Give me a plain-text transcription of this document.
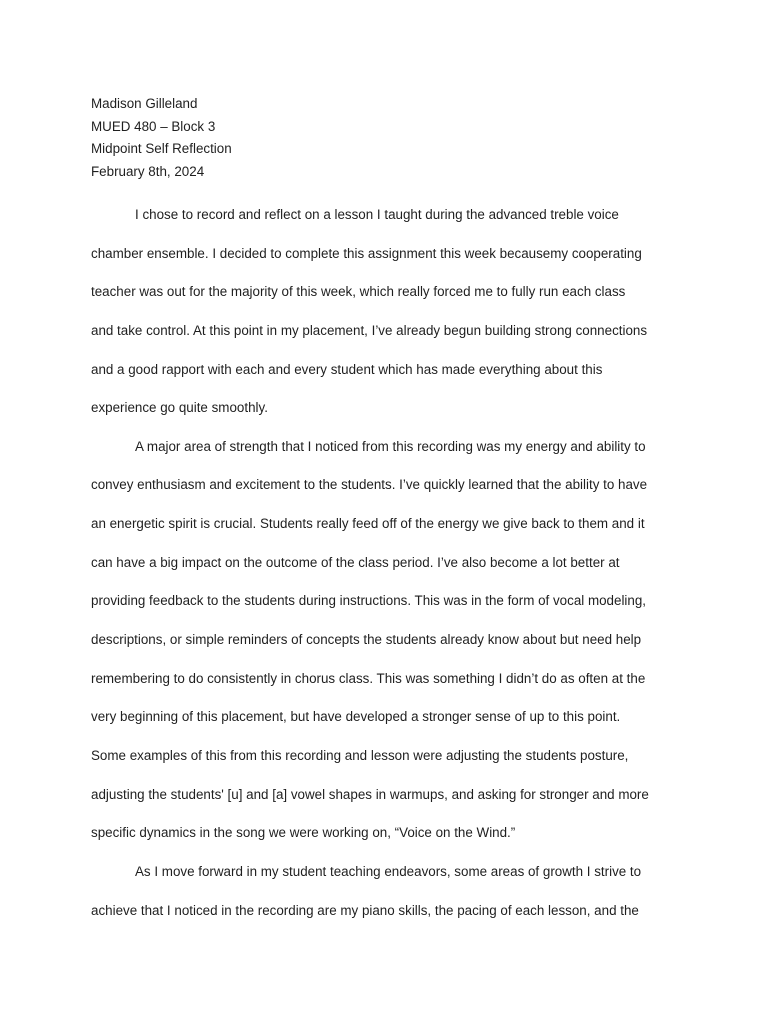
Madison Gilleland
MUED 480 – Block 3
Midpoint Self Reflection
February 8th, 2024
I chose to record and reflect on a lesson I taught during the advanced treble voice
chamber ensemble. I decided to complete this assignment this week becausemy cooperating
teacher was out for the majority of this week, which really forced me to fully run each class
and take control. At this point in my placement, I’ve already begun building strong connections
and a good rapport with each and every student which has made everything about this
experience go quite smoothly.
A major area of strength that I noticed from this recording was my energy and ability to
convey enthusiasm and excitement to the students. I’ve quickly learned that the ability to have
an energetic spirit is crucial. Students really feed off of the energy we give back to them and it
can have a big impact on the outcome of the class period. I’ve also become a lot better at
providing feedback to the students during instructions. This was in the form of vocal modeling,
descriptions, or simple reminders of concepts the students already know about but need help
remembering to do consistently in chorus class. This was something I didn’t do as often at the
very beginning of this placement, but have developed a stronger sense of up to this point.
Some examples of this from this recording and lesson were adjusting the students posture,
adjusting the students' [u] and [a] vowel shapes in warmups, and asking for stronger and more
specific dynamics in the song we were working on, “Voice on the Wind.”
As I move forward in my student teaching endeavors, some areas of growth I strive to
achieve that I noticed in the recording are my piano skills, the pacing of each lesson, and the
